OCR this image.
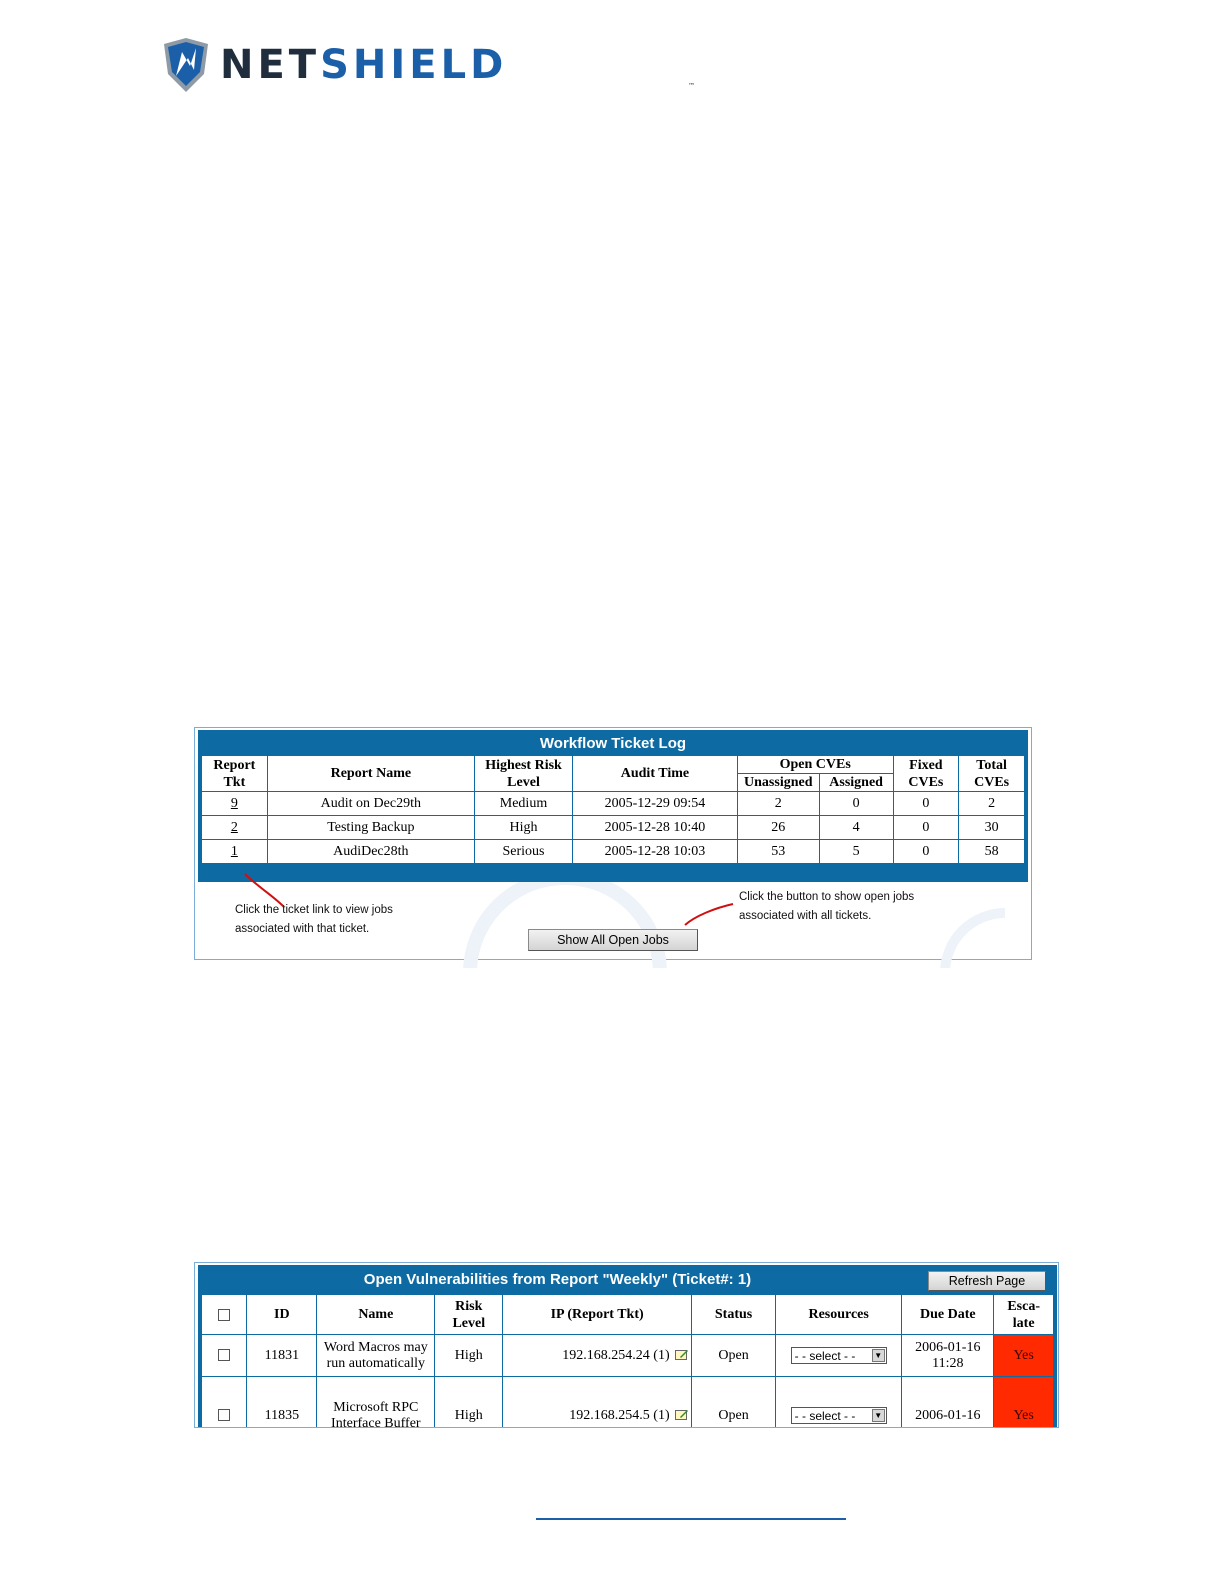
NETSHIELD	™
Workflow Ticket Log
Report Tkt	Report Name	Highest Risk Level	Audit Time	Open CVEs		Fixed CVEs	Total CVEs
				Unassigned	Assigned		
9	Audit on Dec29th	Medium	2005-12-29 09:54	2	0	0	2
2	Testing Backup	High	2005-12-28 10:40	26	4	0	30
1	AudiDec28th	Serious	2005-12-28 10:03	53	5	0	58
Click the ticket link to view jobs associated with that ticket.
Click the button to show open jobs associated with all tickets.
Show All Open Jobs
Open Vulnerabilities from Report "Weekly" (Ticket#: 1)	Refresh Page
	ID	Name	Risk Level	IP (Report Tkt)	Status	Resources	Due Date	Esca- late
	11831	Word Macros may run automatically	High	192.168.254.24 (1)	Open	- - select - - ▼	2006-01-16 11:28	Yes
	11835	Microsoft RPC Interface Buffer	High	192.168.254.5 (1)	Open	- - select - - ▼	2006-01-16	Yes
